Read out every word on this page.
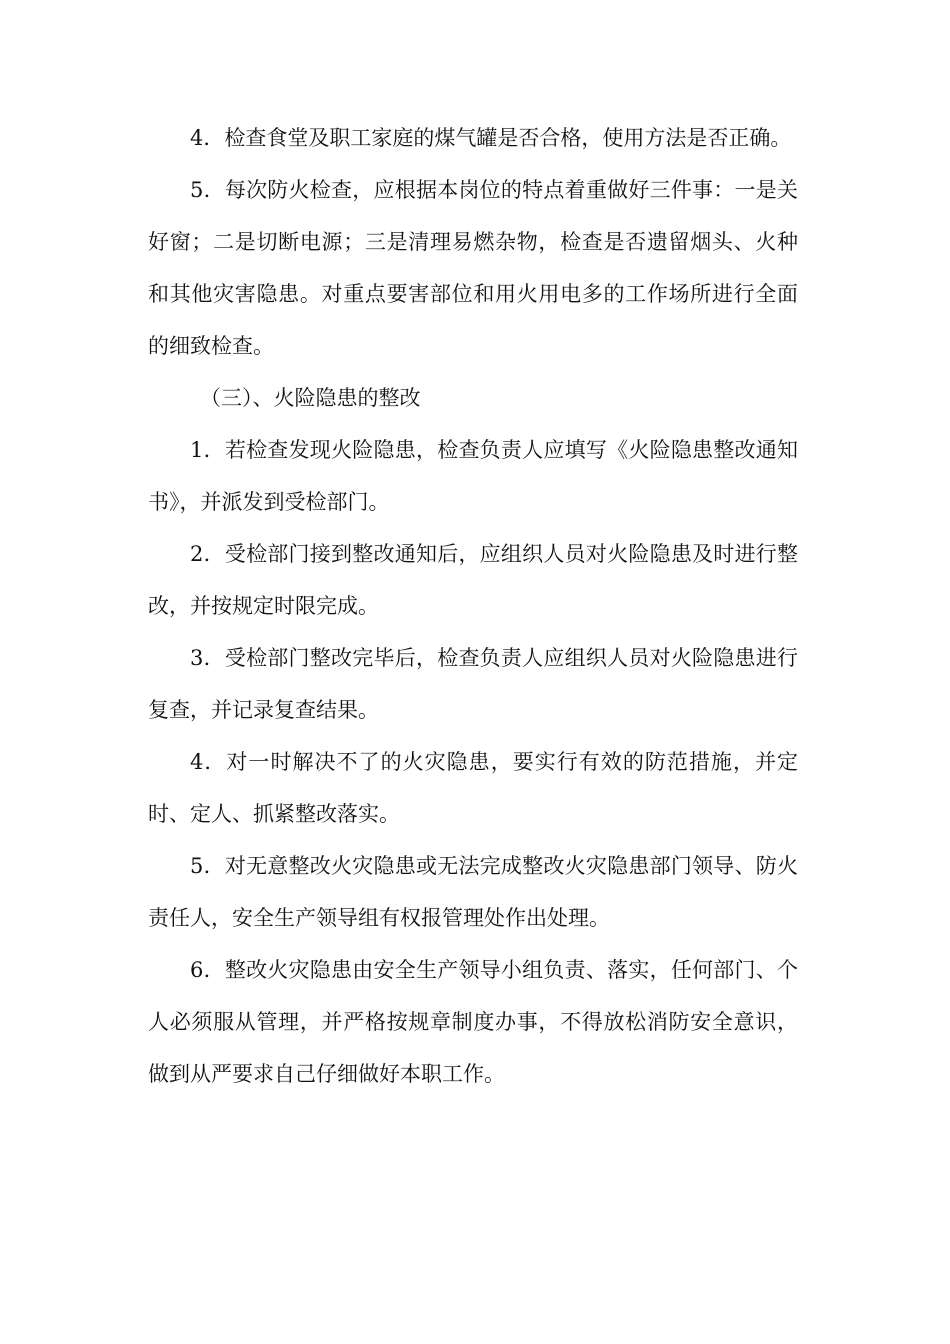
4．检查食堂及职工家庭的煤气罐是否合格，使用方法是否正确。

5．每次防火检查，应根据本岗位的特点着重做好三件事：一是关好窗；二是切断电源；三是清理易燃杂物，检查是否遗留烟头、火种和其他灾害隐患。对重点要害部位和用火用电多的工作场所进行全面的细致检查。

（三）、火险隐患的整改

1．若检查发现火险隐患，检查负责人应填写《火险隐患整改通知书》，并派发到受检部门。

2．受检部门接到整改通知后，应组织人员对火险隐患及时进行整改，并按规定时限完成。

3．受检部门整改完毕后，检查负责人应组织人员对火险隐患进行复查，并记录复查结果。

4．对一时解决不了的火灾隐患，要实行有效的防范措施，并定时、定人、抓紧整改落实。

5．对无意整改火灾隐患或无法完成整改火灾隐患部门领导、防火责任人，安全生产领导组有权报管理处作出处理。

6．整改火灾隐患由安全生产领导小组负责、落实，任何部门、个人必须服从管理，并严格按规章制度办事，不得放松消防安全意识，做到从严要求自己仔细做好本职工作。
